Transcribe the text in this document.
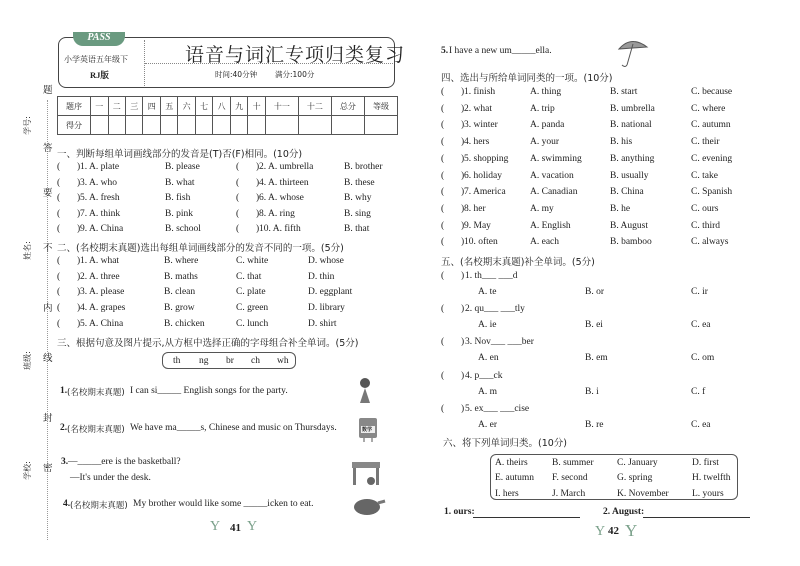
学号:
姓名:
班级:
学校:
题
答
要
不
内
线
封
密
PASS
小学英语五年级下
RJ版
语音与词汇专项归类复习
时间:40分钟 满分:100分
题序	一	二	三	四	五	六	七	八	九	十	十一	十二	总分	等级
得分														
一、判断每组单词画线部分的发音是(T)否(F)相同。(10分)
( ) 1. A. plate	B. please	( ) 2. A. umbrella	B. brother
( ) 3. A. who	B. what	( ) 4. A. thirteen	B. these
( ) 5. A. fresh	B. fish	( ) 6. A. whose	B. why
( ) 7. A. think	B. pink	( ) 8. A. ring	B. sing
( ) 9. A. China	B. school	( ) 10. A. fifth	B. that
二、(名校期末真题)选出每组单词画线部分的发音不同的一项。(5分)
( ) 1. A. what	B. where	C. white	D. whose
( ) 2. A. three	B. maths	C. that	D. thin
( ) 3. A. please	B. clean	C. plate	D. eggplant
( ) 4. A. grapes	B. grow	C. green	D. library
( ) 5. A. China	B. chicken	C. lunch	D. shirt
三、根据句意及图片提示,从方框中选择正确的字母组合补全单词。(5分)
th ng br ch wh
1. (名校期末真题) I can si_____ English songs for the party.
2. (名校期末真题) We have ma_____s, Chinese and music on Thursdays.
4. (名校期末真题) My brother would like some _____icken to eat.
3. —_____ere is the basketball?
—It's under the desk.
5. I have a new um_____ella.
四、选出与所给单词同类的一项。(10分)
( ) 1. finish	A. thing	B. start	C. because
( ) 2. what	A. trip	B. umbrella	C. where
( ) 3. winter	A. panda	B. national	C. autumn
( ) 4. hers	A. your	B. his	C. their
( ) 5. shopping A. swimming	B. anything	C. evening
( ) 6. holiday	A. vacation	B. usually	C. take
( ) 7. America	A. Canadian	B. China	C. Spanish
( ) 8. her	A. my	B. he	C. ours
( ) 9. May	A. English	B. August	C. third
( ) 10. often	A. each	B. bamboo	C. always
五、(名校期末真题)补全单词。(5分)
( ) 1. th___ ___d
A. te	B. or	C. ir
( ) 2. qu___ ___tly
A. ie	B. ei	C. ea
( ) 3. Nov___ ___ber
A. en	B. em	C. om
( ) 4. p___ck
A. m	B. i	C. f
( ) 5. ex___ ___cise
A. er	B. re	C. ea
六、将下列单词归类。(10分)
A. theirs	B. summer C. January	D. first
E. autumn F. second	G. spring	H. twelfth
I. hers	J. March	K. November L. yours
1. ours:	2. August:
数学
Y 41 Y	Y 42 Y
